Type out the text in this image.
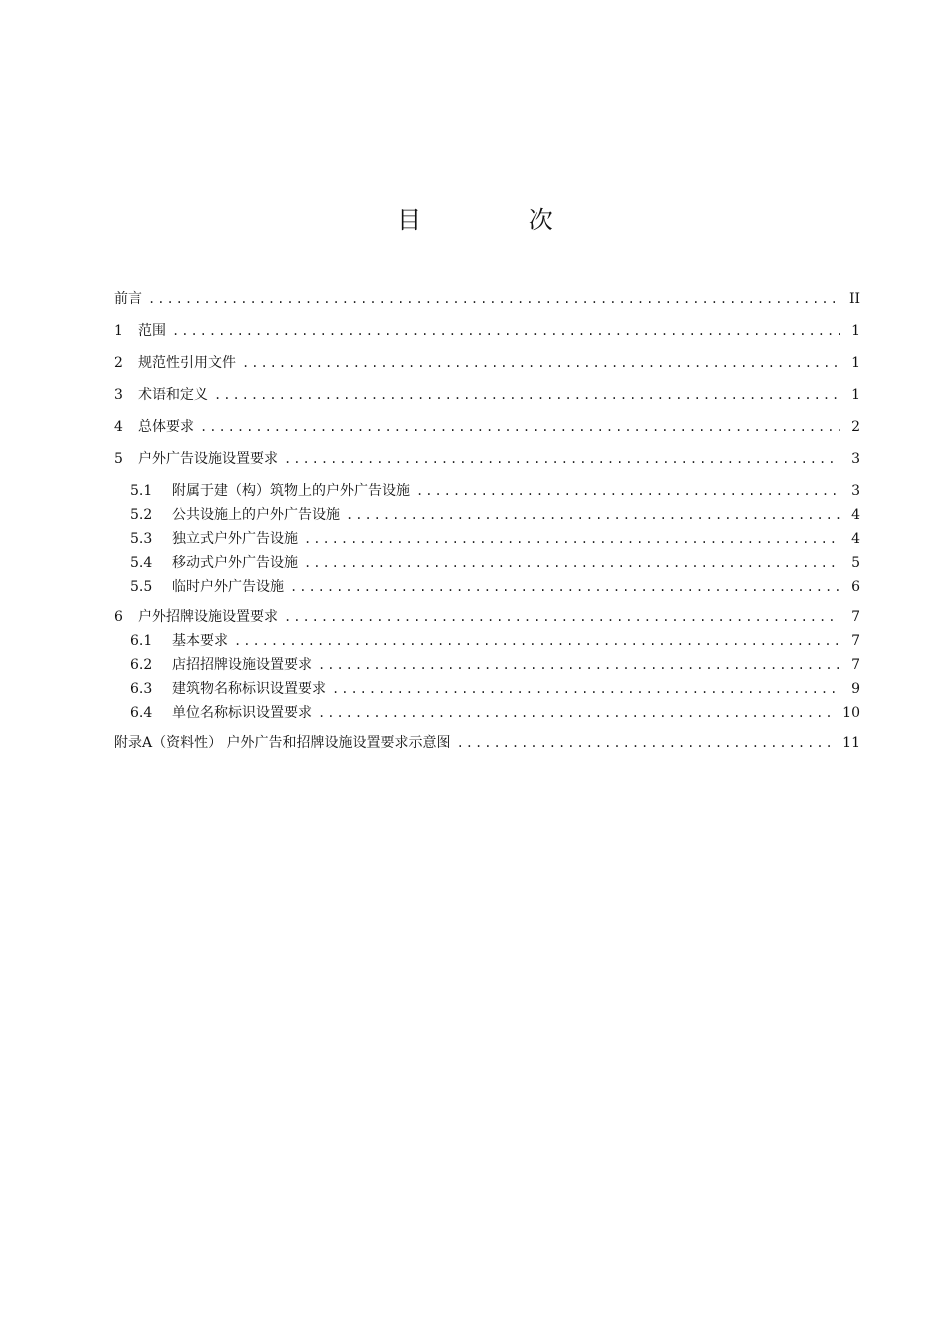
目 次
前言 .....	II
1	范围 .....	1
2	规范性引用文件 .....	1
3	术语和定义 .....	1
4	总体要求 .....	2
5	户外广告设施设置要求 .....	3
5.1	附属于建（构）筑物上的户外广告设施 .....	3
5.2	公共设施上的户外广告设施 .....	4
5.3	独立式户外广告设施 .....	4
5.4	移动式户外广告设施 .....	5
5.5	临时户外广告设施 .....	6
6	户外招牌设施设置要求 .....	7
6.1	基本要求 .....	7
6.2	店招招牌设施设置要求 .....	7
6.3	建筑物名称标识设置要求 .....	9
6.4	单位名称标识设置要求 .....	10
附录A（资料性） 户外广告和招牌设施设置要求示意图 .....	11
